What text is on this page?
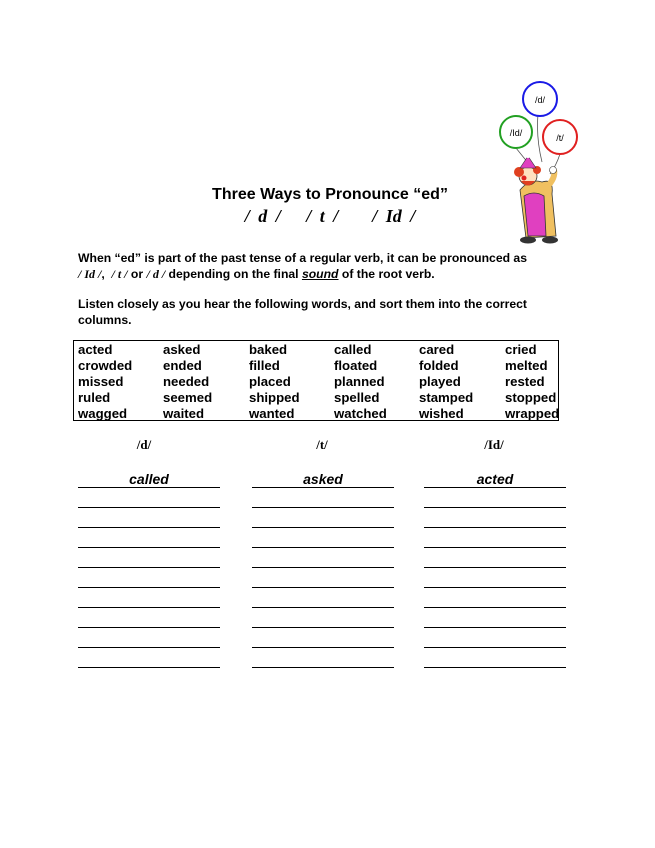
/d/
/Id/	/t/
Three Ways to Pronounce “ed”
/ d /   / t /    / Id /
When “ed” is part of the past tense of a regular verb, it can be pronounced as
/ Id /,  / t / or / d / depending on the final sound of the root verb.
Listen closely as you hear the following words, and sort them into the correct columns.
acted	asked	baked	called	cared	cried
crowded	ended	filled	floated	folded	melted
missed	needed	placed	planned	played	rested
ruled	seemed	shipped	spelled	stamped	stopped
wagged	waited	wanted	watched	wished	wrapped
/d/	/t/	/Id/
called	asked	acted
